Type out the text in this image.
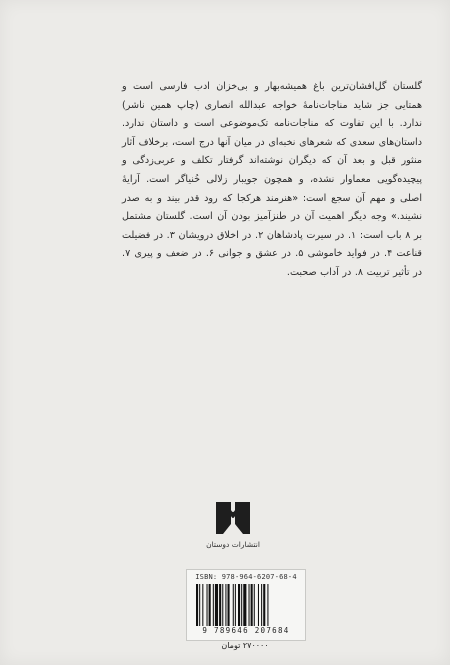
گلستان گل‌افشان‌ترین باغ همیشه‌بهار و بی‌خزان ادب فارسی است و همتایی جز شاید مناجات‌نامهٔ خواجه عبدالله انصاری (چاپ همین ناشر) ندارد. با این تفاوت که مناجات‌نامه تک‌موضوعی است و داستان ندارد. داستان‌های سعدی که شعرهای نخبه‌ای در میان آنها درج است، برخلاف آثار منثور قبل و بعد آن که دیگران نوشته‌اند گرفتار تکلف و عربی‌زدگی و پیچیده‌گویی معماوار نشده، و همچون جویبار زلالی خُنیاگر است. آرایهٔ اصلی و مهم آن سجع است: «هنرمند هرکجا که رود قدر بیند و به صدر نشیند.» وجه دیگر اهمیت آن در طنزآمیز بودن آن است. گلستان مشتمل بر ۸ باب است: ۱. در سیرت پادشاهان ۲. در اخلاق درویشان ۳. در فضیلت قناعت ۴. در فواید خاموشی ۵. در عشق و جوانی ۶. در ضعف و پیری ۷. در تأثیر تربیت ۸. در آداب صحبت.
انتشارات دوستان
ISBN: 978-964-6207-68-4
9 789646 207684
۲۷۰۰۰۰ تومان
